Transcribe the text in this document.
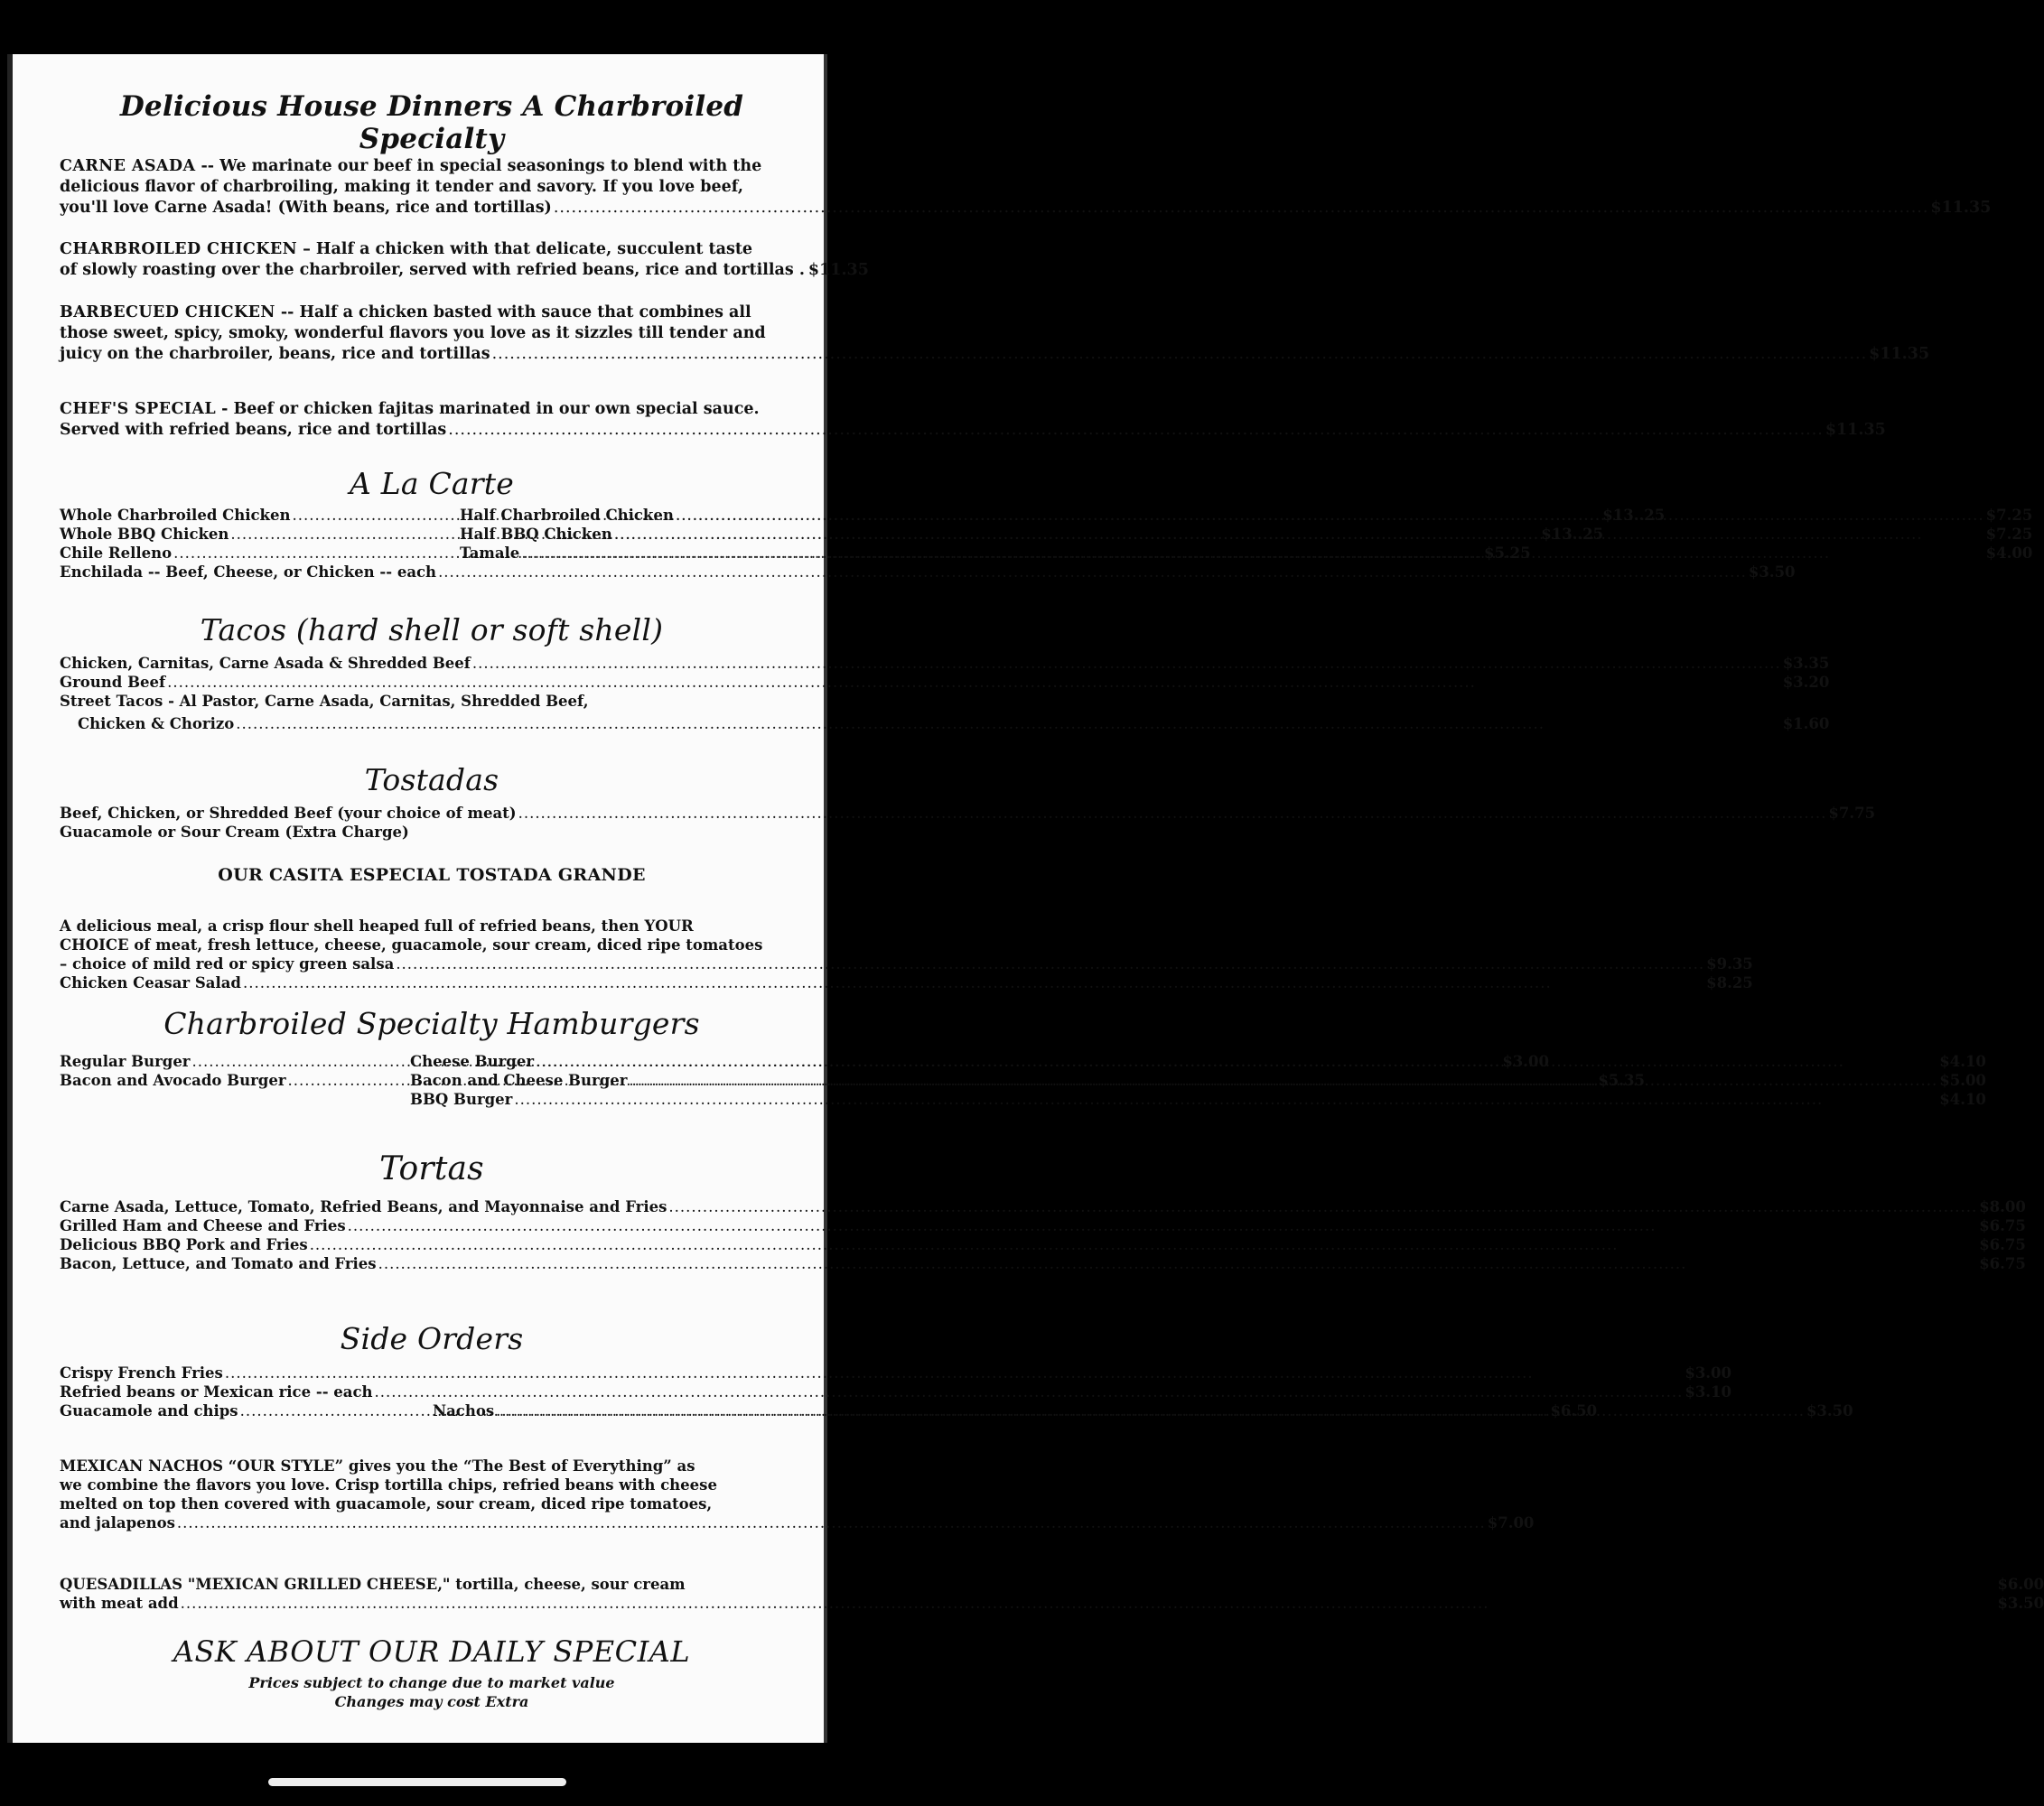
Delicious House Dinners A Charbroiled Specialty
CARNE ASADA -- We marinate our beef in special seasonings to blend with the
delicious flavor of charbroiling, making it tender and savory. If you love beef,
you'll love Carne Asada! (With beans, rice and tortillas) .....	$11.35
CHARBROILED CHICKEN – Half a chicken with that delicate, succulent taste
of slowly roasting over the charbroiler, served with refried beans, rice and tortillas . $11.35
BARBECUED CHICKEN -- Half a chicken basted with sauce that combines all
those sweet, spicy, smoky, wonderful flavors you love as it sizzles till tender and
juicy on the charbroiler, beans, rice and tortillas .....	$11.35
CHEF'S SPECIAL - Beef or chicken fajitas marinated in our own special sauce.
Served with refried beans, rice and tortillas .....	$11.35
A La Carte
Whole Charbroiled Chicken .....	$13..25
Half Charbroiled Chicken .....	$7.25
Whole BBQ Chicken .....	$13..25
Half BBQ Chicken .....	$7.25
Chile Relleno .....	$5.25
Tamale .....	$4.00
Enchilada -- Beef, Cheese, or Chicken -- each .....	$3.50
Tacos (hard shell or soft shell)
Chicken, Carnitas, Carne Asada & Shredded Beef .....	$3.35
Ground Beef .....	$3.20
Street Tacos - Al Pastor, Carne Asada, Carnitas, Shredded Beef,
Chicken & Chorizo .....	$1.60
Tostadas
Beef, Chicken, or Shredded Beef (your choice of meat) .....	$7.75
Guacamole or Sour Cream (Extra Charge)
OUR CASITA ESPECIAL TOSTADA GRANDE
A delicious meal, a crisp flour shell heaped full of refried beans, then YOUR
CHOICE of meat, fresh lettuce, cheese, guacamole, sour cream, diced ripe tomatoes
– choice of mild red or spicy green salsa .....	$9.35
Chicken Ceasar Salad .....	$8.25
Charbroiled Specialty Hamburgers
Regular Burger .....	$3.00
Bacon and Avocado Burger .....	$5.35
Cheese Burger .....	$4.10
Bacon and Cheese Burger .....	$5.00
BBQ Burger .....	$4.10
Tortas
Carne Asada, Lettuce, Tomato, Refried Beans, and Mayonnaise and Fries .....	$8.00
Grilled Ham and Cheese and Fries .....	$6.75
Delicious BBQ Pork and Fries .....	$6.75
Bacon, Lettuce, and Tomato and Fries .....	$6.75
Side Orders
Crispy French Fries .....	$3.00
Refried beans or Mexican rice -- each .....	$3.10
Guacamole and chips .....	$6.50
Nachos .....	$3.50
MEXICAN NACHOS “OUR STYLE” gives you the “The Best of Everything” as
we combine the flavors you love. Crisp tortilla chips, refried beans with cheese
melted on top then covered with guacamole, sour cream, diced ripe tomatoes,
and jalapenos .....	$7.00
QUESADILLAS "MEXICAN GRILLED CHEESE," tortilla, cheese, sour cream	$6.00
with meat add .....	$3.50
ASK ABOUT OUR DAILY SPECIAL
Prices subject to change due to market value
Changes may cost Extra
